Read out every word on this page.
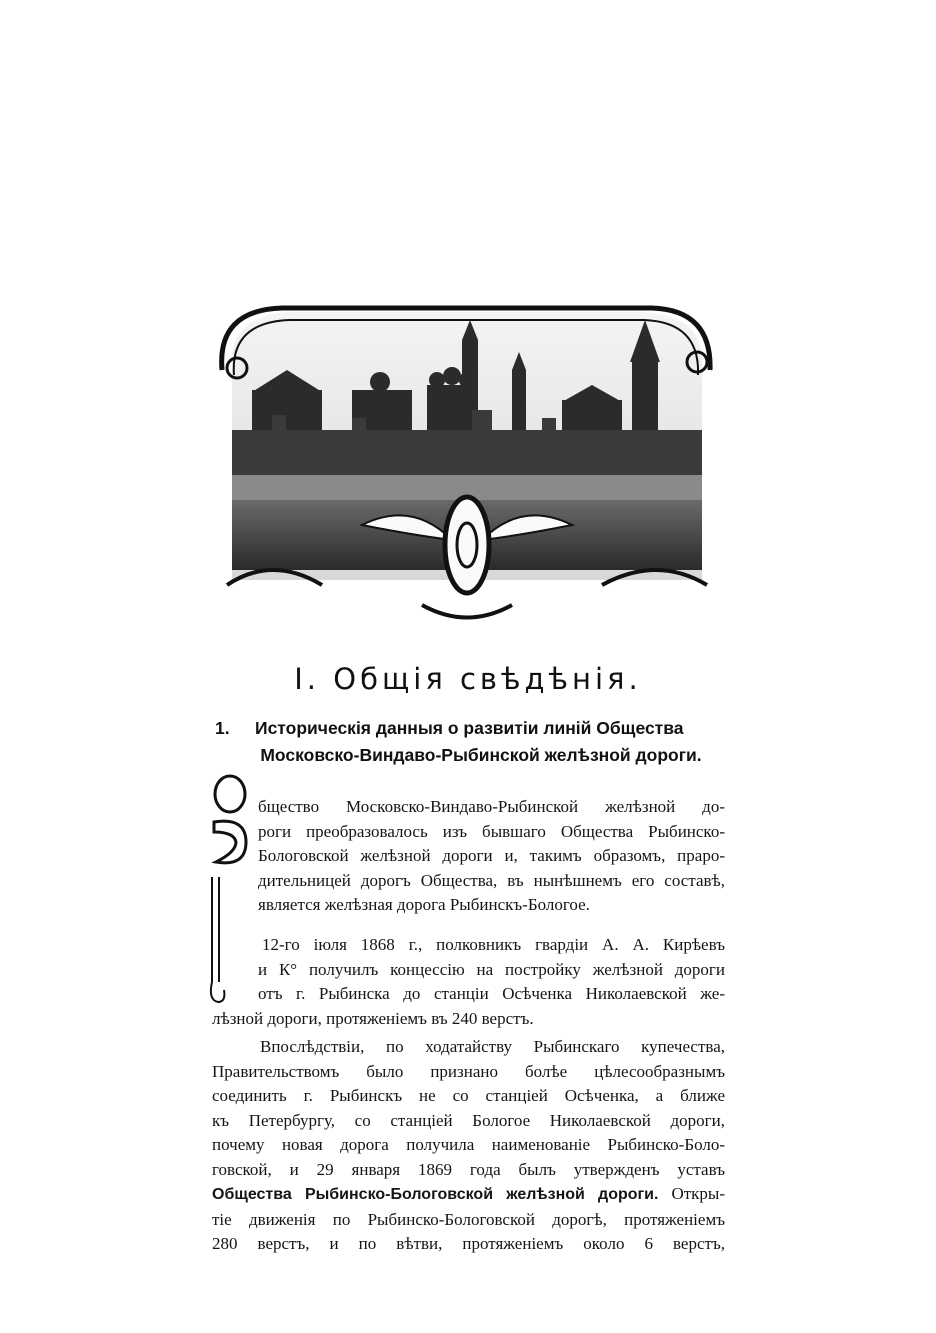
I. Общія свѣдѣнія.
1. Историческія данныя о развитіи линій Общества
Московско-Виндаво-Рыбинской желѣзной дороги.
бщество Московско-Виндаво-Рыбинской желѣзной до-
роги преобразовалось изъ бывшаго Общества Рыбинско-
Бологовской желѣзной дороги и, такимъ образомъ, праро-
дительницей дорогъ Общества, въ нынѣшнемъ его составѣ,
является желѣзная дорога Рыбинскъ-Бологое.
12-го іюля 1868 г., полковникъ гвардіи А. А. Кирѣевъ
и К° получилъ концессію на постройку желѣзной дороги
отъ г. Рыбинска до станціи Осѣченка Николаевской же-
лѣзной дороги, протяженіемъ въ 240 верстъ.
Впослѣдствіи, по ходатайству Рыбинскаго купечества,
Правительствомъ было признано болѣе цѣлесообразнымъ
соединить г. Рыбинскъ не со станціей Осѣченка, а ближе
къ Петербургу, со станціей Бологое Николаевской дороги,
почему новая дорога получила наименованіе Рыбинско-Боло-
говской, и 29 января 1869 года былъ утвержденъ уставъ
Общества Рыбинско-Бологовской желѣзной дороги. Откры-
тіе движенія по Рыбинско-Бологовской дорогѣ, протяженіемъ
280 верстъ, и по вѣтви, протяженіемъ около 6 верстъ,
